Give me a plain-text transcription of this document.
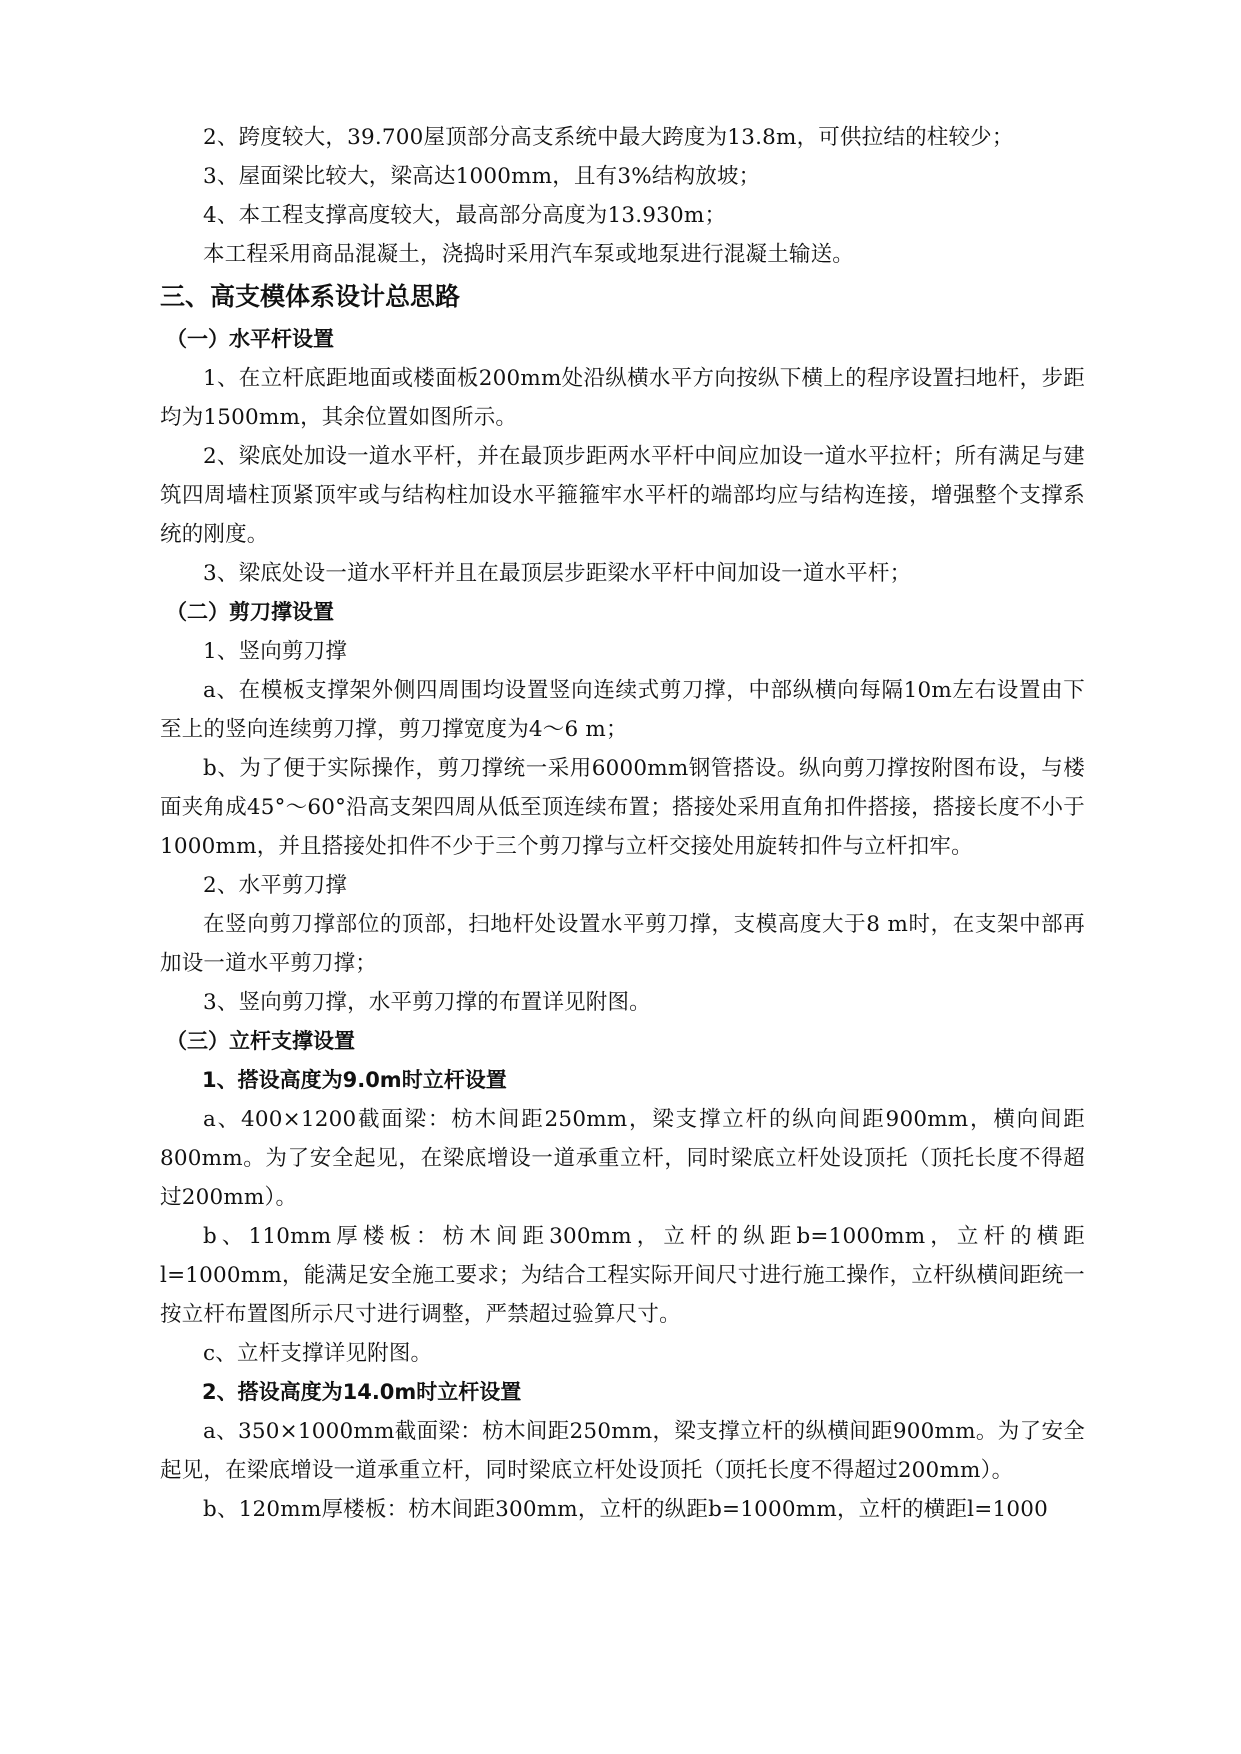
2、跨度较大，39.700屋顶部分高支系统中最大跨度为13.8m，可供拉结的柱较少；

3、屋面梁比较大，梁高达1000mm，且有3%结构放坡；

4、本工程支撑高度较大，最高部分高度为13.930m；

本工程采用商品混凝土，浇捣时采用汽车泵或地泵进行混凝土输送。

三、高支模体系设计总思路
（一）水平杆设置

1、在立杆底距地面或楼面板200mm处沿纵横水平方向按纵下横上的程序设置扫地杆，步距均为1500mm，其余位置如图所示。

2、梁底处加设一道水平杆，并在最顶步距两水平杆中间应加设一道水平拉杆；所有满足与建筑四周墙柱顶紧顶牢或与结构柱加设水平箍箍牢水平杆的端部均应与结构连接，增强整个支撑系统的刚度。

3、梁底处设一道水平杆并且在最顶层步距梁水平杆中间加设一道水平杆；

（二）剪刀撑设置

1、竖向剪刀撑

a、在模板支撑架外侧四周围均设置竖向连续式剪刀撑，中部纵横向每隔10m左右设置由下至上的竖向连续剪刀撑，剪刀撑宽度为4～6 m；

b、为了便于实际操作，剪刀撑统一采用6000mm钢管搭设。纵向剪刀撑按附图布设，与楼面夹角成45°～60°沿高支架四周从低至顶连续布置；搭接处采用直角扣件搭接，搭接长度不小于1000mm，并且搭接处扣件不少于三个剪刀撑与立杆交接处用旋转扣件与立杆扣牢。

2、水平剪刀撑

在竖向剪刀撑部位的顶部，扫地杆处设置水平剪刀撑，支模高度大于8 m时，在支架中部再加设一道水平剪刀撑；

3、竖向剪刀撑，水平剪刀撑的布置详见附图。

（三）立杆支撑设置
1、搭设高度为9.0m时立杆设置

a、400×1200截面梁：枋木间距250mm，梁支撑立杆的纵向间距900mm，横向间距800mm。为了安全起见，在梁底增设一道承重立杆，同时梁底立杆处设顶托（顶托长度不得超过200mm）。

b、110mm厚楼板：枋木间距300mm，立杆的纵距b=1000mm，立杆的横距l=1000mm，能满足安全施工要求；为结合工程实际开间尺寸进行施工操作，立杆纵横间距统一按立杆布置图所示尺寸进行调整，严禁超过验算尺寸。

c、立杆支撑详见附图。

2、搭设高度为14.0m时立杆设置

a、350×1000mm截面梁：枋木间距250mm，梁支撑立杆的纵横间距900mm。为了安全起见，在梁底增设一道承重立杆，同时梁底立杆处设顶托（顶托长度不得超过200mm）。

b、120mm厚楼板：枋木间距300mm，立杆的纵距b=1000mm，立杆的横距l=1000
